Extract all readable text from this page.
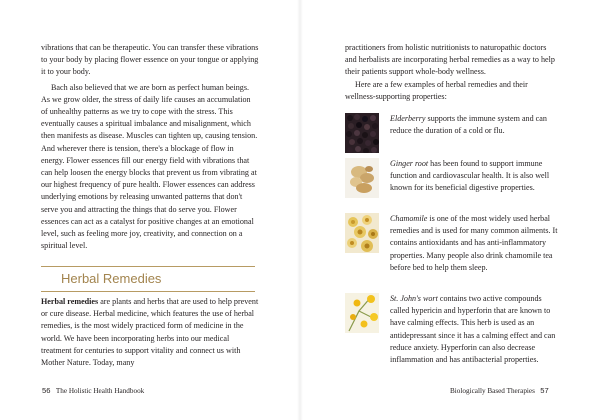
vibrations that can be therapeutic. You can transfer these vibrations to your body by placing flower essence on your tongue or applying it to your body.

Bach also believed that we are born as perfect human beings. As we grow older, the stress of daily life causes an accumulation of unhealthy patterns as we try to cope with the stress. This eventually causes a spiritual imbalance and misalignment, which then manifests as disease. Muscles can tighten up, causing tension. And wherever there is tension, there's a blockage of flow in energy. Flower essences fill our energy field with vibrations that can help loosen the energy blocks that prevent us from vibrating at our highest frequency of pure health. Flower essences can address underlying emotions by releasing unwanted patterns that don't serve you and attracting the things that do serve you. Flower essences can act as a catalyst for positive changes at an emotional level, such as feeling more joy, creativity, and connection on a spiritual level.

Herbal Remedies

Herbal remedies are plants and herbs that are used to help prevent or cure disease. Herbal medicine, which features the use of herbal remedies, is the most widely practiced form of medicine in the world. We have been incorporating herbs into our medical treatment for centuries to support vitality and connect us with Mother Nature. Today, many

56 The Holistic Health Handbook

practitioners from holistic nutritionists to naturopathic doctors and herbalists are incorporating herbal remedies as a way to help their patients support whole-body wellness.

Here are a few examples of herbal remedies and their wellness-supporting properties:

Elderberry supports the immune system and can reduce the duration of a cold or flu.

Ginger root has been found to support immune function and cardiovascular health. It is also well known for its beneficial digestive properties.

Chamomile is one of the most widely used herbal remedies and is used for many common ailments. It contains antioxidants and has anti-inflammatory properties. Many people also drink chamomile tea before bed to help them sleep.

St. John's wort contains two active compounds called hypericin and hyperforin that are known to have calming effects. This herb is used as an antidepressant since it has a calming effect and can reduce anxiety. Hyperforin can also decrease inflammation and has antibacterial properties.

Biologically Based Therapies 57
